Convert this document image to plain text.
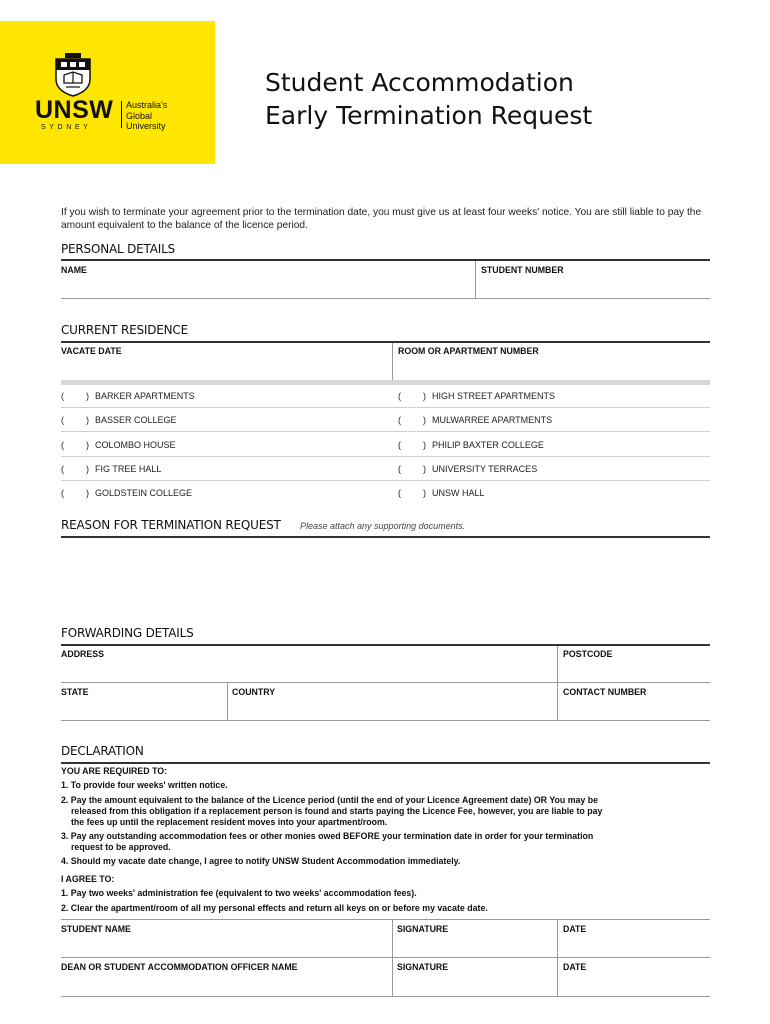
UNSW
SYDNEY
Australia's
Global
University
Student Accommodation
Early Termination Request
If you wish to terminate your agreement prior to the termination date, you must give us at least four weeks' notice. You are still liable to pay the amount equivalent to the balance of the licence period.
PERSONAL DETAILS
NAME	STUDENT NUMBER
CURRENT RESIDENCE
VACATE DATE	ROOM OR APARTMENT NUMBER
( ) BARKER APARTMENTS	( ) HIGH STREET APARTMENTS
( ) BASSER COLLEGE	( ) MULWARREE APARTMENTS
( ) COLOMBO HOUSE	( ) PHILIP BAXTER COLLEGE
( ) FIG TREE HALL	( ) UNIVERSITY TERRACES
( ) GOLDSTEIN COLLEGE	( ) UNSW HALL
REASON FOR TERMINATION REQUEST Please attach any supporting documents.
FORWARDING DETAILS
ADDRESS	POSTCODE
STATE	COUNTRY	CONTACT NUMBER
DECLARATION
YOU ARE REQUIRED TO:
1. To provide four weeks' written notice.
2. Pay the amount equivalent to the balance of the Licence period (until the end of your Licence Agreement date) OR You may be
released from this obligation if a replacement person is found and starts paying the Licence Fee, however, you are liable to pay
the fees up until the replacement resident moves into your apartment/room.
3. Pay any outstanding accommodation fees or other monies owed BEFORE your termination date in order for your termination
request to be approved.
4. Should my vacate date change, I agree to notify UNSW Student Accommodation immediately.
I AGREE TO:
1. Pay two weeks' administration fee (equivalent to two weeks' accommodation fees).
2. Clear the apartment/room of all my personal effects and return all keys on or before my vacate date.
STUDENT NAME	SIGNATURE	DATE
DEAN OR STUDENT ACCOMMODATION OFFICER NAME	SIGNATURE	DATE
